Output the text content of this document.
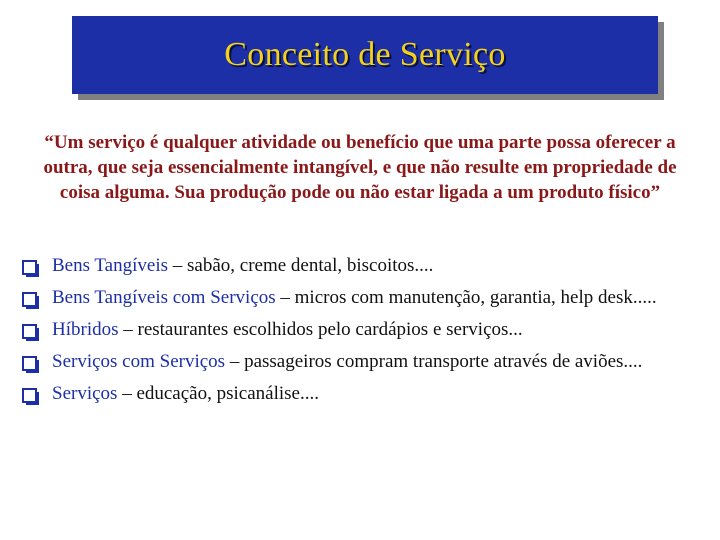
Conceito de Serviço
“Um serviço é qualquer atividade ou benefício que uma parte possa oferecer a outra, que seja essencialmente intangível, e que não resulte em propriedade de coisa alguma. Sua produção pode ou não estar ligada a um produto físico”
Bens Tangíveis – sabão, creme dental, biscoitos....
Bens Tangíveis com Serviços – micros com manutenção, garantia, help desk.....
Híbridos – restaurantes escolhidos pelo cardápios e serviços...
Serviços com Serviços – passageiros compram transporte através de aviões....
Serviços – educação, psicanálise....
